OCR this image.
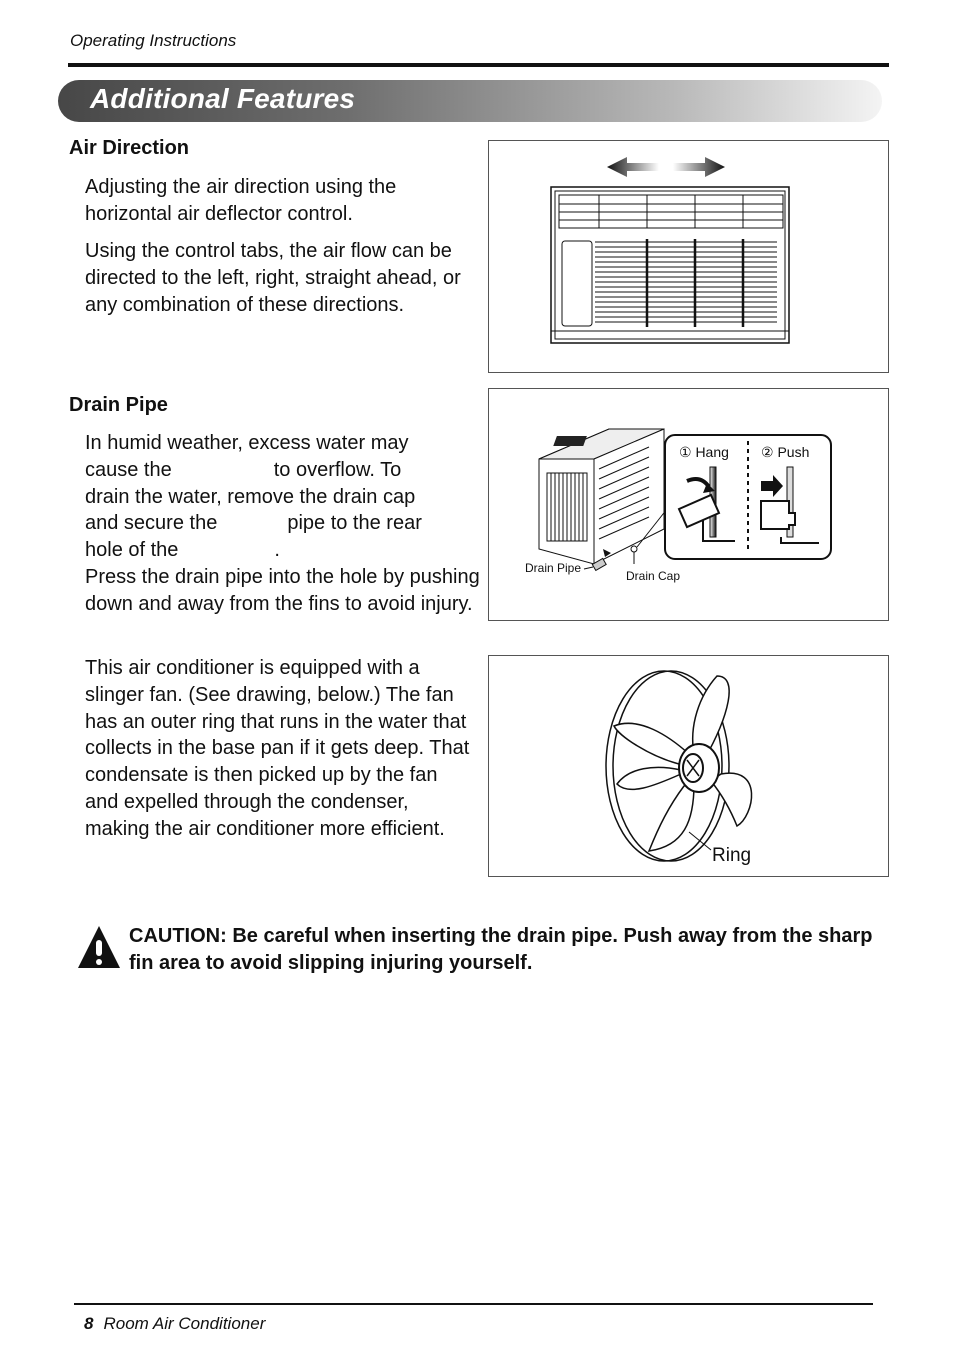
Operating Instructions
Additional Features
Air Direction

Adjusting the air direction using the horizontal air deflector control.

Using the control tabs, the air flow can be directed to the left, right, straight ahead, or any combination of these directions.

Drain Pipe
In humid weather, excess water may
cause the	to overflow. To
drain the water, remove the drain cap
and secure the	pipe to the rear
hole of the	.
Press the drain pipe into the hole by pushing down and away from the fins to avoid injury.

This air conditioner is equipped with a slinger fan. (See drawing, below.) The fan has an outer ring that runs in the water that collects in the base pan if it gets deep. That condensate is then picked up by the fan and expelled through the condenser, making the air conditioner more efficient.

Drain Pipe
Drain Cap
① Hang ② Push
Ring
CAUTION: Be careful when inserting the drain pipe. Push away from the sharp fin area to avoid slipping injuring yourself.
8 Room Air Conditioner
